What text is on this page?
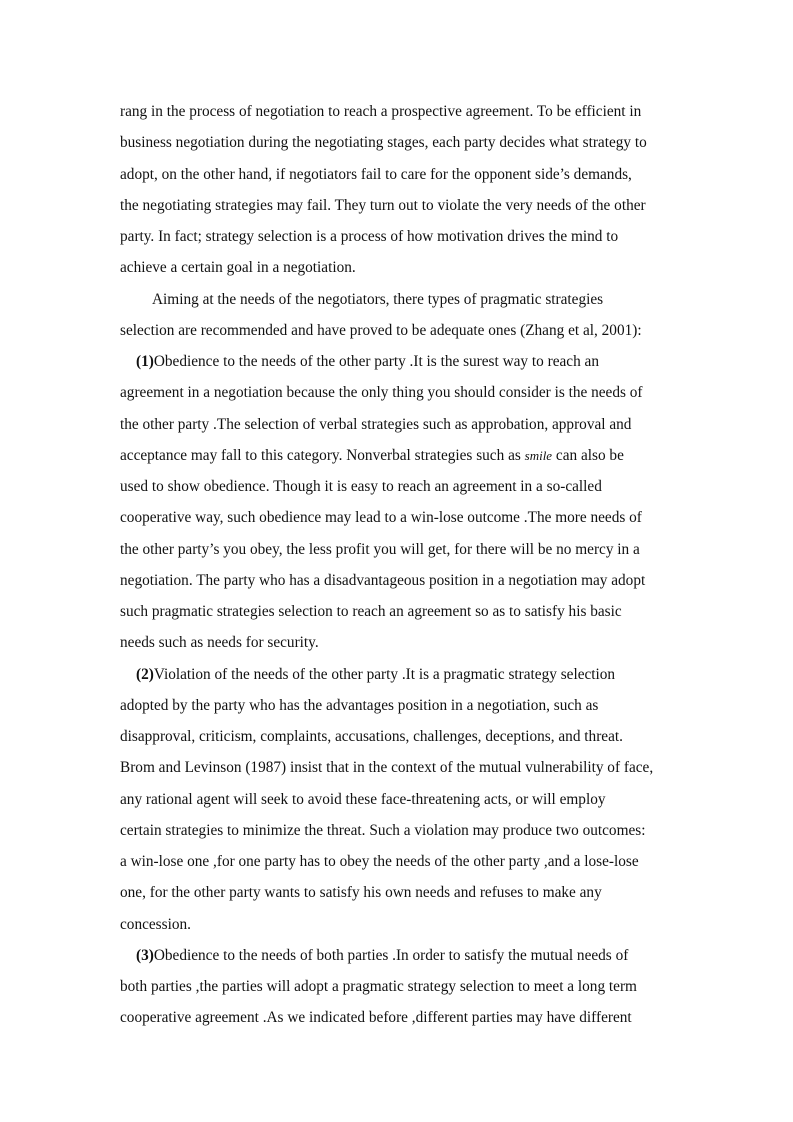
rang in the process of negotiation to reach a prospective agreement. To be efficient in
business negotiation during the negotiating stages, each party decides what strategy to
adopt, on the other hand, if negotiators fail to care for the opponent side’s demands,
the negotiating strategies may fail. They turn out to violate the very needs of the other
party. In fact; strategy selection is a process of how motivation drives the mind to
achieve a certain goal in a negotiation.
Aiming at the needs of the negotiators, there types of pragmatic strategies
selection are recommended and have proved to be adequate ones (Zhang et al, 2001):
(1)Obedience to the needs of the other party .It is the surest way to reach an
agreement in a negotiation because the only thing you should consider is the needs of
the other party .The selection of verbal strategies such as approbation, approval and
acceptance may fall to this category. Nonverbal strategies such as smile can also be
used to show obedience. Though it is easy to reach an agreement in a so-called
cooperative way, such obedience may lead to a win-lose outcome .The more needs of
the other party’s you obey, the less profit you will get, for there will be no mercy in a
negotiation. The party who has a disadvantageous position in a negotiation may adopt
such pragmatic strategies selection to reach an agreement so as to satisfy his basic
needs such as needs for security.
(2)Violation of the needs of the other party .It is a pragmatic strategy selection
adopted by the party who has the advantages position in a negotiation, such as
disapproval, criticism, complaints, accusations, challenges, deceptions, and threat.
Brom and Levinson (1987) insist that in the context of the mutual vulnerability of face,
any rational agent will seek to avoid these face-threatening acts, or will employ
certain strategies to minimize the threat. Such a violation may produce two outcomes:
a win-lose one ,for one party has to obey the needs of the other party ,and a lose-lose
one, for the other party wants to satisfy his own needs and refuses to make any
concession.
(3)Obedience to the needs of both parties .In order to satisfy the mutual needs of
both parties ,the parties will adopt a pragmatic strategy selection to meet a long term
cooperative agreement .As we indicated before ,different parties may have different
